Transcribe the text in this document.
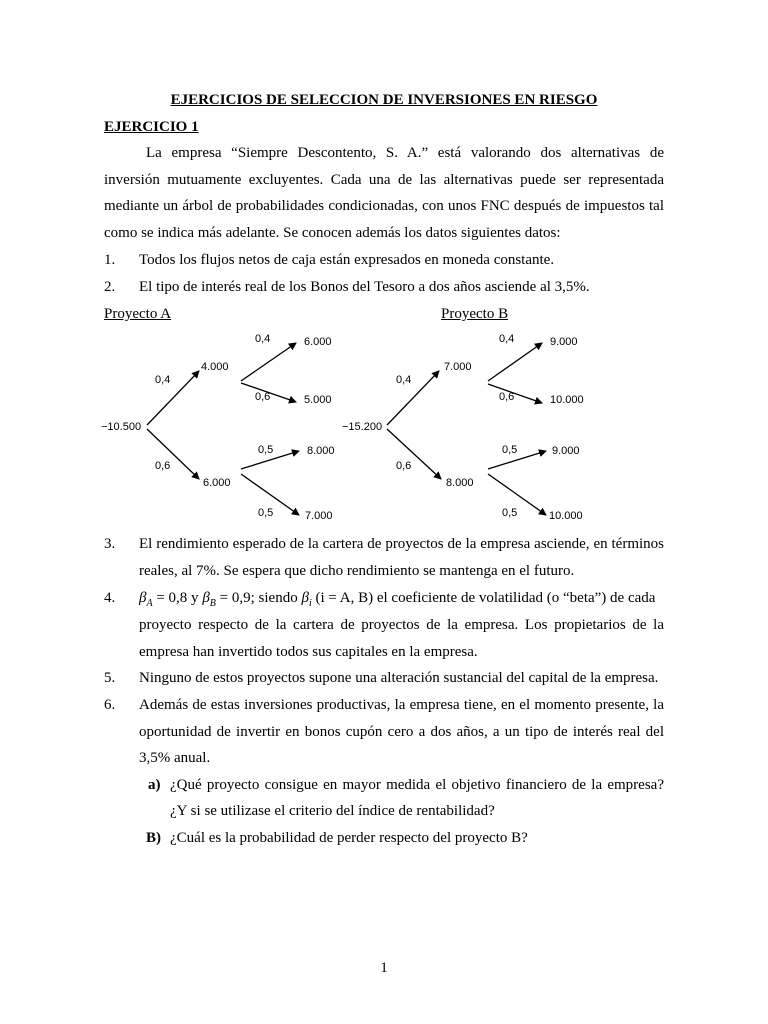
EJERCICIOS DE SELECCION DE INVERSIONES EN RIESGO
EJERCICIO 1
La empresa “Siempre Descontento, S. A.” está valorando dos alternativas de
inversión mutuamente excluyentes. Cada una de las alternativas puede ser representada
mediante un árbol de probabilidades condicionadas, con unos FNC después de impuestos tal
como se indica más adelante. Se conocen además los datos siguientes datos:
1. Todos los flujos netos de caja están expresados en moneda constante.
2. El tipo de interés real de los Bonos del Tesoro a dos años asciende al 3,5%.
Proyecto A	Proyecto B
−10.500
0,4
0,6
4.000
6.000
0,4
0,6
0,5
0,5
6.000
5.000
8.000
7.000
−15.200
0,4
0,6
7.000
8.000
0,4
0,6
0,5
0,5
9.000
10.000
9.000
10.000
3. El rendimiento esperado de la cartera de proyectos de la empresa asciende, en términos
reales, al 7%. Se espera que dicho rendimiento se mantenga en el futuro.
4. $\beta_A = 0,8$ y $\beta_B = 0,9$; siendo $\beta_i$ (i = A, B) el coeficiente de volatilidad (o “beta”) de cada
proyecto respecto de la cartera de proyectos de la empresa. Los propietarios de la
empresa han invertido todos sus capitales en la empresa.
5. Ninguno de estos proyectos supone una alteración sustancial del capital de la empresa.
6. Además de estas inversiones productivas, la empresa tiene, en el momento presente, la
oportunidad de invertir en bonos cupón cero a dos años, a un tipo de interés real del
3,5% anual.
a) ¿Qué proyecto consigue en mayor medida el objetivo financiero de la empresa?
¿Y si se utilizase el criterio del índice de rentabilidad?
B) ¿Cuál es la probabilidad de perder respecto del proyecto B?
1
